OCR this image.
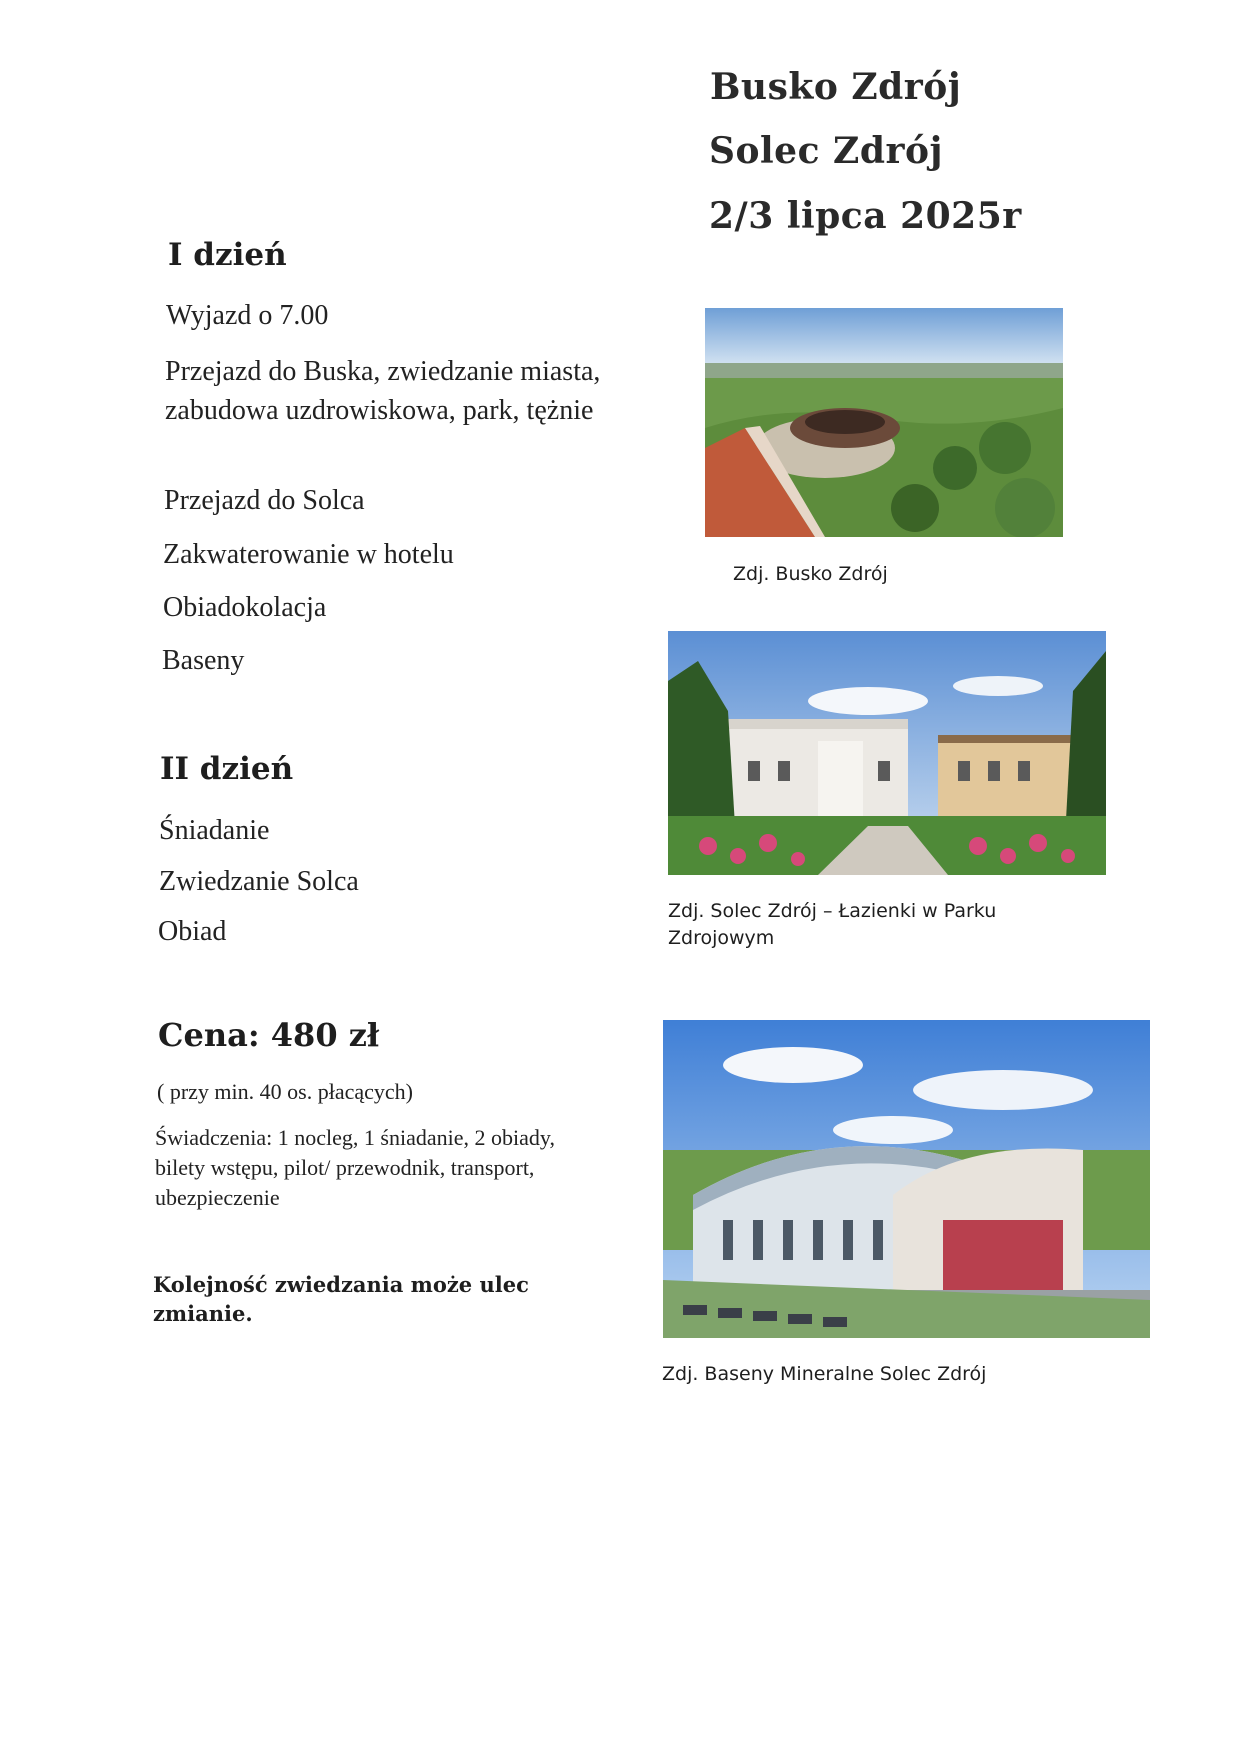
Busko Zdrój
Solec Zdrój
2/3 lipca 2025r
I dzień
Wyjazd o 7.00
Przejazd do Buska, zwiedzanie miasta, zabudowa uzdrowiskowa, park, tężnie
Przejazd do Solca
Zakwaterowanie w hotelu
Obiadokolacja
Baseny
II dzień
Śniadanie
Zwiedzanie Solca
Obiad
Cena: 480 zł
( przy min. 40 os. płacących)
Świadczenia: 1 nocleg, 1 śniadanie, 2 obiady, bilety wstępu, pilot/ przewodnik, transport, ubezpieczenie
Kolejność zwiedzania może ulec zmianie.
Zdj. Busko Zdrój
Zdj. Solec Zdrój – Łazienki w Parku Zdrojowym
Zdj. Baseny Mineralne Solec Zdrój
